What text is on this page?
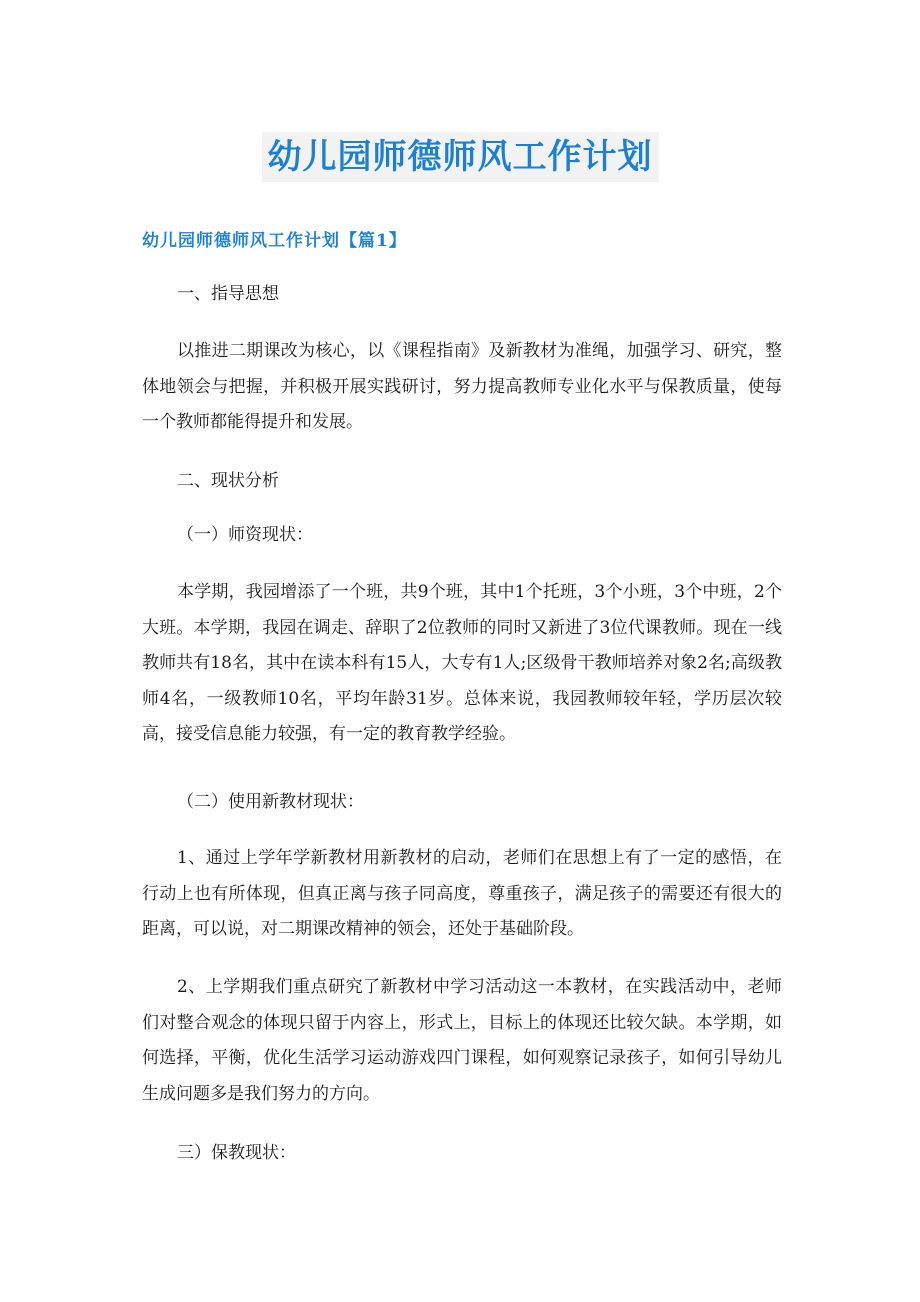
幼儿园师德师风工作计划
幼儿园师德师风工作计划【篇1】
一、指导思想
以推进二期课改为核心，以《课程指南》及新教材为准绳，加强学习、研究，整体地领会与把握，并积极开展实践研讨，努力提高教师专业化水平与保教质量，使每一个教师都能得提升和发展。
二、现状分析
（一）师资现状：
本学期，我园增添了一个班，共9个班，其中1个托班，3个小班，3个中班，2个大班。本学期，我园在调走、辞职了2位教师的同时又新进了3位代课教师。现在一线教师共有18名，其中在读本科有15人，大专有1人;区级骨干教师培养对象2名;高级教师4名，一级教师10名，平均年龄31岁。总体来说，我园教师较年轻，学历层次较高，接受信息能力较强，有一定的教育教学经验。
（二）使用新教材现状：
1、通过上学年学新教材用新教材的启动，老师们在思想上有了一定的感悟，在行动上也有所体现，但真正离与孩子同高度，尊重孩子，满足孩子的需要还有很大的距离，可以说，对二期课改精神的领会，还处于基础阶段。
2、上学期我们重点研究了新教材中学习活动这一本教材，在实践活动中，老师们对整合观念的体现只留于内容上，形式上，目标上的体现还比较欠缺。本学期，如何选择，平衡，优化生活学习运动游戏四门课程，如何观察记录孩子，如何引导幼儿生成问题多是我们努力的方向。
三）保教现状：
